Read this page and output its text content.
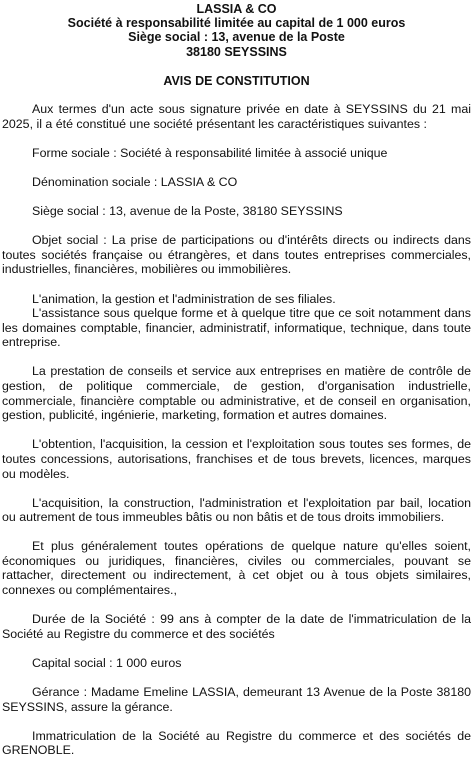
LASSIA & CO
Société à responsabilité limitée au capital de 1 000 euros
Siège social : 13, avenue de la Poste
38180 SEYSSINS
AVIS DE CONSTITUTION

Aux termes d'un acte sous signature privée en date à SEYSSINS du 21 mai 2025, il a été constitué une société présentant les caractéristiques suivantes :

Forme sociale : Société à responsabilité limitée à associé unique

Dénomination sociale : LASSIA & CO

Siège social : 13, avenue de la Poste, 38180 SEYSSINS

Objet social : La prise de participations ou d'intérêts directs ou indirects dans toutes sociétés française ou étrangères, et dans toutes entreprises commerciales, industrielles, financières, mobilières ou immobilières.

L'animation, la gestion et l'administration de ses filiales.

L'assistance sous quelque forme et à quelque titre que ce soit notamment dans les domaines comptable, financier, administratif, informatique, technique, dans toute entreprise.

La prestation de conseils et service aux entreprises en matière de contrôle de gestion, de politique commerciale, de gestion, d'organisation industrielle, commerciale, financière comptable ou administrative, et de conseil en organisation, gestion, publicité, ingénierie, marketing, formation et autres domaines.

L'obtention, l'acquisition, la cession et l'exploitation sous toutes ses formes, de toutes concessions, autorisations, franchises et de tous brevets, licences, marques ou modèles.

L'acquisition, la construction, l'administration et l'exploitation par bail, location ou autrement de tous immeubles bâtis ou non bâtis et de tous droits immobiliers.

Et plus généralement toutes opérations de quelque nature qu'elles soient, économiques ou juridiques, financières, civiles ou commerciales, pouvant se rattacher, directement ou indirectement, à cet objet ou à tous objets similaires, connexes ou complémentaires.,

Durée de la Société : 99 ans à compter de la date de l'immatriculation de la Société au Registre du commerce et des sociétés

Capital social : 1 000 euros

Gérance : Madame Emeline LASSIA, demeurant 13 Avenue de la Poste 38180 SEYSSINS, assure la gérance.

Immatriculation de la Société au Registre du commerce et des sociétés de GRENOBLE.
